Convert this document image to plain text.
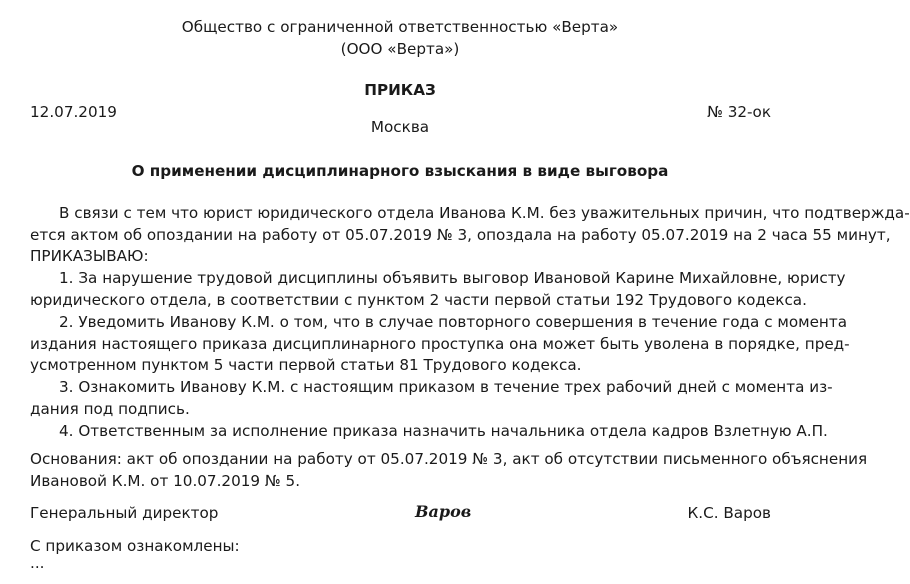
Общество с ограниченной ответственностью «Верта»
(ООО «Верта»)
ПРИКАЗ
12.07.2019	№ 32-ок
Москва
О применении дисциплинарного взыскания в виде выговора
В связи с тем что юрист юридического отдела Иванова К.М. без уважительных причин, что подтвержда-
ется актом об опоздании на работу от 05.07.2019 № 3, опоздала на работу 05.07.2019 на 2 часа 55 минут,
ПРИКАЗЫВАЮ:
1. За нарушение трудовой дисциплины объявить выговор Ивановой Карине Михайловне, юристу
юридического отдела, в соответствии с пунктом 2 части первой статьи 192 Трудового кодекса.
2. Уведомить Иванову К.М. о том, что в случае повторного совершения в течение года с момента
издания настоящего приказа дисциплинарного проступка она может быть уволена в порядке, пред-
усмотренном пунктом 5 части первой статьи 81 Трудового кодекса.
3. Ознакомить Иванову К.М. с настоящим приказом в течение трех рабочий дней с момента из-
дания под подпись.
4. Ответственным за исполнение приказа назначить начальника отдела кадров Взлетную А.П.
Основания: акт об опоздании на работу от 05.07.2019 № 3, акт об отсутствии письменного объяснения
Ивановой К.М. от 10.07.2019 № 5.
Генеральный директор	Варов	К.С. Варов
С приказом ознакомлены:
...
